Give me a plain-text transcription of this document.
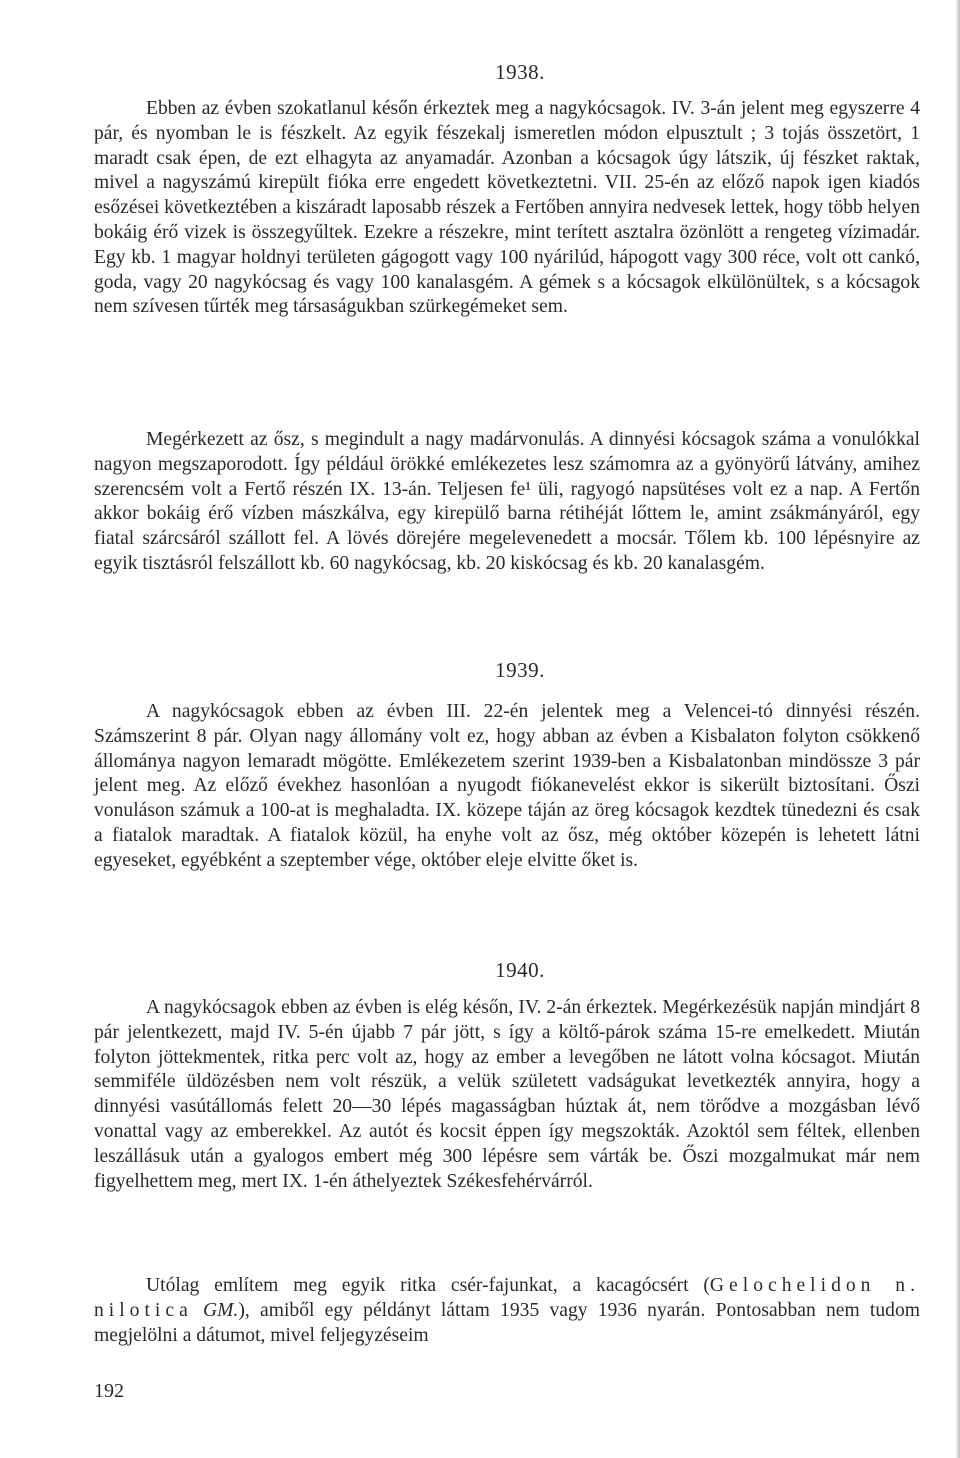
1938.

Ebben az évben szokatlanul későn érkeztek meg a nagykócsagok. IV. 3-án jelent meg egyszerre 4 pár, és nyomban le is fészkelt. Az egyik fészekalj ismeretlen módon elpusztult ; 3 tojás összetört, 1 maradt csak épen, de ezt elhagyta az anyamadár. Azonban a kócsagok úgy látszik, új fészket raktak, mivel a nagyszámú kirepült fióka erre engedett következtetni. VII. 25-én az előző napok igen kiadós esőzései következtében a kiszáradt laposabb részek a Fertőben annyira nedvesek lettek, hogy több helyen bokáig érő vizek is összegyűltek. Ezekre a részekre, mint terített asztalra özönlött a rengeteg vízimadár. Egy kb. 1 magyar holdnyi területen gágogott vagy 100 nyárilúd, hápogott vagy 300 réce, volt ott cankó, goda, vagy 20 nagykócsag és vagy 100 kanalasgém. A gémek s a kócsagok elkülönültek, s a kócsagok nem szívesen tűrték meg társaságukban szürkegémeket sem.

Megérkezett az ősz, s megindult a nagy madárvonulás. A dinnyési kócsagok száma a vonulókkal nagyon megszaporodott. Így például örökké emlékezetes lesz számomra az a gyönyörű látvány, amihez szerencsém volt a Fertő részén IX. 13-án. Teljesen fe¹ üli, ragyogó napsütéses volt ez a nap. A Fertőn akkor bokáig érő vízben mászkálva, egy kirepülő barna rétihéját lőttem le, amint zsákmányáról, egy fiatal szárcsáról szállott fel. A lövés dörejére megelevenedett a mocsár. Tőlem kb. 100 lépésnyire az egyik tisztásról felszállott kb. 60 nagykócsag, kb. 20 kiskócsag és kb. 20 kanalasgém.

1939.

A nagykócsagok ebben az évben III. 22-én jelentek meg a Velencei-tó dinnyési részén. Számszerint 8 pár. Olyan nagy állomány volt ez, hogy abban az évben a Kisbalaton folyton csökkenő állománya nagyon lemaradt mögötte. Emlékezetem szerint 1939-ben a Kisbalatonban mindössze 3 pár jelent meg. Az előző évekhez hasonlóan a nyugodt fiókanevelést ekkor is sikerült biztosítani. Őszi vonuláson számuk a 100-at is meghaladta. IX. közepe táján az öreg kócsagok kezdtek tünedezni és csak a fiatalok maradtak. A fiatalok közül, ha enyhe volt az ősz, még október közepén is lehetett látni egyeseket, egyébként a szeptember vége, október eleje elvitte őket is.

1940.

A nagykócsagok ebben az évben is elég későn, IV. 2-án érkeztek. Megérkezésük napján mindjárt 8 pár jelentkezett, majd IV. 5-én újabb 7 pár jött, s így a költő-párok száma 15-re emelkedett. Miután folyton jöttekmentek, ritka perc volt az, hogy az ember a levegőben ne látott volna kócsagot. Miután semmiféle üldözésben nem volt részük, a velük született vadságukat levetkezték annyira, hogy a dinnyési vasútállomás felett 20—30 lépés magasságban húztak át, nem törődve a mozgásban lévő vonattal vagy az emberekkel. Az autót és kocsit éppen így megszokták. Azoktól sem féltek, ellenben leszállásuk után a gyalogos embert még 300 lépésre sem várták be. Őszi mozgalmukat már nem figyelhettem meg, mert IX. 1-én áthelyeztek Székesfehérvárról.

Utólag említem meg egyik ritka csér-fajunkat, a kacagócsért (Gelochelidon n. nilotica GM.), amiből egy példányt láttam 1935 vagy 1936 nyarán. Pontosabban nem tudom megjelölni a dátumot, mivel feljegyzéseim

192
